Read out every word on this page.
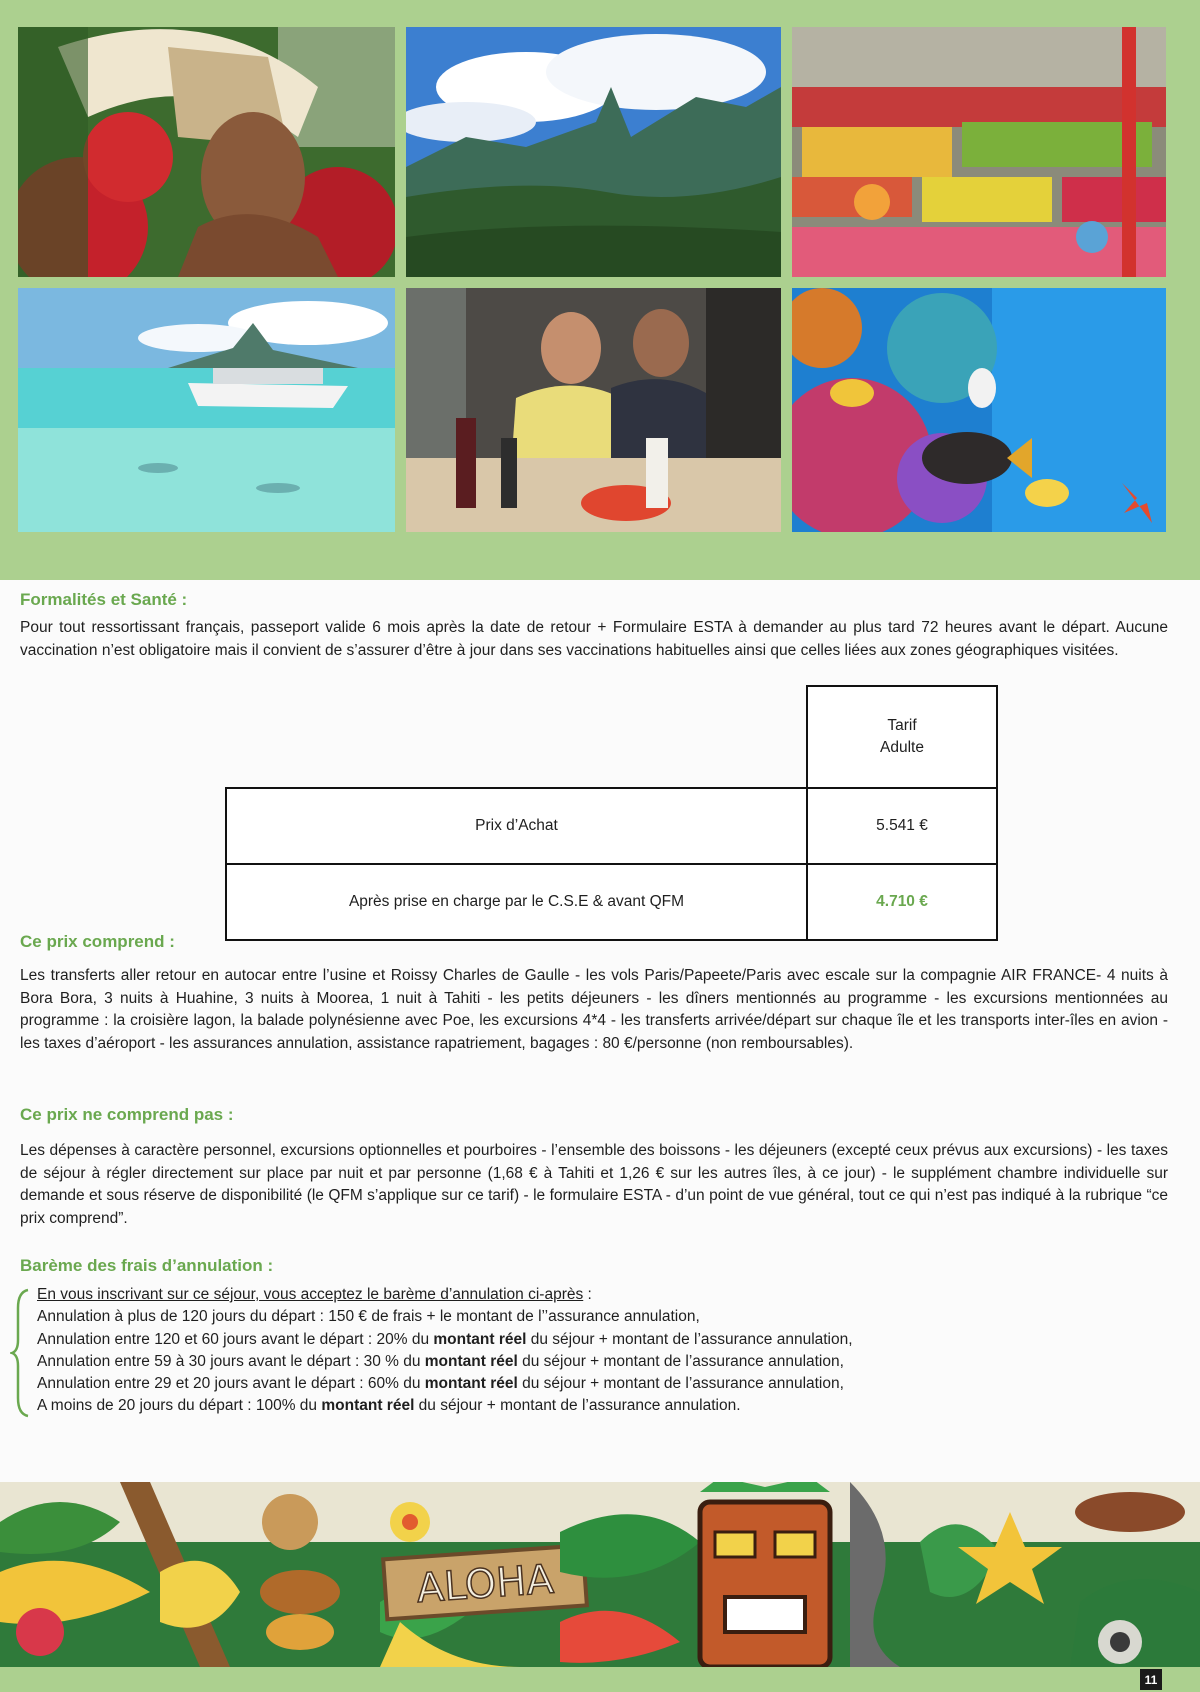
Formalités et Santé :
Pour tout ressortissant français, passeport valide 6 mois après la date de retour + Formulaire ESTA à demander au plus tard 72 heures avant le départ. Aucune vaccination n’est obligatoire mais il convient de s’assurer d’être à jour dans ses vaccinations habituelles ainsi que celles liées aux zones géographiques visitées.
Tarif
Adulte
Prix d’Achat	5.541 €
Après prise en charge par le C.S.E & avant QFM	4.710 €
Ce prix comprend :
Les transferts aller retour en autocar entre l’usine et Roissy Charles de Gaulle - les vols Paris/Papeete/Paris avec escale sur la compagnie AIR FRANCE- 4 nuits à Bora Bora, 3 nuits à Huahine, 3 nuits à Moorea, 1 nuit à Tahiti - les petits déjeuners - les dîners mentionnés au programme - les excursions mentionnées au programme : la croisière lagon, la balade polynésienne avec Poe, les excursions 4*4 - les transferts arrivée/départ sur chaque île et les transports inter-îles en avion - les taxes d’aéroport - les assurances annulation, assistance rapatriement, bagages : 80 €/personne (non remboursables).
Ce prix ne comprend pas :
Les dépenses à caractère personnel, excursions optionnelles et pourboires - l’ensemble des boissons - les déjeuners (excepté ceux prévus aux excursions) - les taxes de séjour à régler directement sur place par nuit et par personne (1,68 € à Tahiti et 1,26 € sur les autres îles, à ce jour) - le supplément chambre individuelle sur demande et sous réserve de disponibilité (le QFM s’applique sur ce tarif) - le formulaire ESTA - d’un point de vue général, tout ce qui n’est pas indiqué à la rubrique “ce prix comprend”.
Barème des frais d’annulation :
En vous inscrivant sur ce séjour, vous acceptez le barème d’annulation ci-après :
Annulation à plus de 120 jours du départ : 150 € de frais + le montant de l’’assurance annulation,
Annulation entre 120 et 60 jours avant le départ : 20% du montant réel du séjour + montant de l’assurance annulation,
Annulation entre 59 à 30 jours avant le départ : 30 % du montant réel du séjour + montant de l’assurance annulation,
Annulation entre 29 et 20 jours avant le départ : 60% du montant réel du séjour + montant de l’assurance annulation,
A moins de 20 jours du départ : 100% du montant réel du séjour + montant de l’assurance annulation.
ALOHA
11
